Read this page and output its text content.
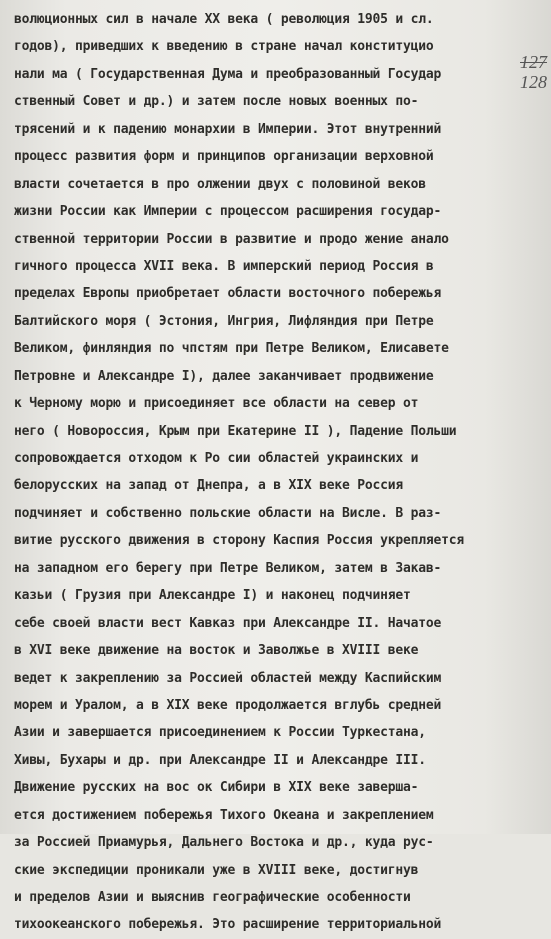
волюционных сил в начале XX века ( революция 1905 и сл.
годов), приведших к введению в стране начал конституцио
нали ма ( Государственная Дума и преобразованный Государ
ственный Совет и др.) и затем после новых военных по-
трясений и к падению монархии в Империи. Этот внутренний
процесс развития форм и принципов организации верховной
власти сочетается в про олжении двух с половиной веков
жизни России как Империи с процессом расширения государ-
ственной территории России в развитие и продо жение анало
гичного процесса XVII века. В имперский период Россия в
пределах Европы приобретает области восточного побережья
Балтийского моря ( Эстония, Ингрия, Лифляндия при Петре
Великом, финляндия по чпстям при Петре Великом, Елисавете
Петровне и Александре I), далее заканчивает продвижение
к Черному морю и присоединяет все области на север от
него ( Новороссия, Крым при Екатерине II ), Падение Польши
сопровождается отходом к Ро сии областей украинских и
белорусских на запад от Днепра, а в XIX веке Россия
подчиняет и собственно польские области на Висле. В раз-
витие русского движения в сторону Каспия Россия укрепляется
на западном его берегу при Петре Великом, затем в Закав-
казьи ( Грузия при Александре I) и наконец подчиняет
себе своей власти вест Кавказ при Александре II. Начатое
в XVI веке движение на восток и Заволжье в XVIII веке
ведет к закреплению за Россией областей между Каспийским
морем и Уралом, а в XIX веке продолжается вглубь средней
Азии и завершается присоединением к России Туркестана,
Хивы, Бухары и др. при Александре II и Александре III.
Движение русских на вос ок Сибири в XIX веке заверша-
ется достижением побережья Тихого Океана и закреплением
за Россией Приамурья, Дальнего Востока и др., куда рус-
ские экспедиции проникали уже в XVIII веке, достигнув
и пределов Азии и выяснив географические особенности
тихоокеанского побережья. Это расширение территориальной
127
128
